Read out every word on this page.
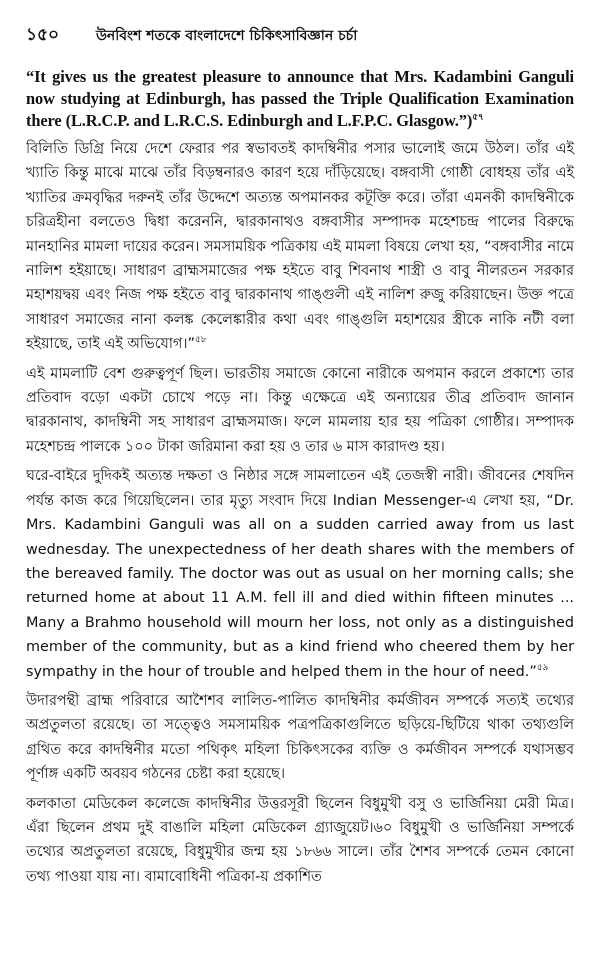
১৫০	উনবিংশ শতকে বাংলাদেশে চিকিৎসাবিজ্ঞান চর্চা

“It gives us the greatest pleasure to announce that Mrs. Kadambini Ganguli now studying at Edinburgh, has passed the Triple Qualification Examination there (L.R.C.P. and L.R.C.S. Edinburgh and L.F.P.C. Glasgow.”)$^{৫৭}$

বিলিতি ডিগ্রি নিয়ে দেশে ফেরার পর স্বভাবতই কাদম্বিনীর পসার ভালোই জমে উঠল। তাঁর এই খ্যাতি কিন্তু মাঝে মাঝে তাঁর বিড়ম্বনারও কারণ হয়ে দাঁড়িয়েছে। বঙ্গবাসী গোষ্ঠী বোধহয় তাঁর এই খ্যাতির ক্রমবৃদ্ধির দরুনই তাঁর উদ্দেশে অত্যন্ত অপমানকর কটূক্তি করে। তাঁরা এমনকী কাদম্বিনীকে চরিত্রহীনা বলতেও দ্বিধা করেননি, দ্বারকানাথও বঙ্গবাসীর সম্পাদক মহেশচন্দ্র পালের বিরুদ্ধে মানহানির মামলা দায়ের করেন। সমসাময়িক পত্রিকায় এই মামলা বিষয়ে লেখা হয়, “বঙ্গবাসীর নামে নালিশ হইয়াছে। সাধারণ ব্রাহ্মসমাজের পক্ষ হইতে বাবু শিবনাথ শাস্ত্রী ও বাবু নীলরতন সরকার মহাশয়দ্বয় এবং নিজ পক্ষ হইতে বাবু দ্বারকানাথ গাঙ্গুলী এই নালিশ রুজু করিয়াছেন। উক্ত পত্রে সাধারণ সমাজের নানা কলঙ্ক কেলেঙ্কারীর কথা এবং গাঙ্গুলি মহাশয়ের স্ত্রীকে নাকি নটী বলা হইয়াছে, তাই এই অভিযোগ।”$^{৫৮}$

এই মামলাটি বেশ গুরুত্বপূর্ণ ছিল। ভারতীয় সমাজে কোনো নারীকে অপমান করলে প্রকাশ্যে তার প্রতিবাদ বড়ো একটা চোখে পড়ে না। কিন্তু এক্ষেত্রে এই অন্যায়ের তীব্র প্রতিবাদ জানান দ্বারকানাথ, কাদম্বিনী সহ সাধারণ ব্রাহ্মসমাজ। ফলে মামলায় হার হয় পত্রিকা গোষ্ঠীর। সম্পাদক মহেশচন্দ্র পালকে ১০০ টাকা জরিমানা করা হয় ও তার ৬ মাস কারাদণ্ড হয়।

ঘরে-বাইরে দুদিকই অত্যন্ত দক্ষতা ও নিষ্ঠার সঙ্গে সামলাতেন এই তেজস্বী নারী। জীবনের শেষদিন পর্যন্ত কাজ করে গিয়েছিলেন। তার মৃত্যু সংবাদ দিয়ে Indian Messenger-এ লেখা হয়, “Dr. Mrs. Kadambini Ganguli was all on a sudden carried away from us last wednesday. The unexpectedness of her death shares with the members of the bereaved family. The doctor was out as usual on her morning calls; she returned home at about 11 A.M. fell ill and died within fifteen minutes ... Many a Brahmo household will mourn her loss, not only as a distinguished member of the community, but as a kind friend who cheered them by her sympathy in the hour of trouble and helped them in the hour of need.”$^{৫৯}$

উদারপন্থী ব্রাহ্ম পরিবারে আশৈশব লালিত-পালিত কাদম্বিনীর কর্মজীবন সম্পর্কে সত্যই তথ্যের অপ্রতুলতা রয়েছে। তা সত্ত্বেও সমসাময়িক পত্রপত্রিকাগুলিতে ছড়িয়ে-ছিটিয়ে থাকা তথ্যগুলি গ্রথিত করে কাদম্বিনীর মতো পথিকৃৎ মহিলা চিকিৎসকের ব্যক্তি ও কর্মজীবন সম্পর্কে যথাসম্ভব পূর্ণাঙ্গ একটি অবয়ব গঠনের চেষ্টা করা হয়েছে।

কলকাতা মেডিকেল কলেজে কাদম্বিনীর উত্তরসূরী ছিলেন বিধুমুখী বসু ও ভার্জিনিয়া মেরী মিত্র। এঁরা ছিলেন প্রথম দুই বাঙালি মহিলা মেডিকেল গ্র্যাজুয়েট।৬০ বিধুমুখী ও ভার্জিনিয়া সম্পর্কে তথ্যের অপ্রতুলতা রয়েছে, বিধুমুখীর জন্ম হয় ১৮৬৬ সালে। তাঁর শৈশব সম্পর্কে তেমন কোনো তথ্য পাওয়া যায় না। বামাবোধিনী পত্রিকা-য় প্রকাশিত
